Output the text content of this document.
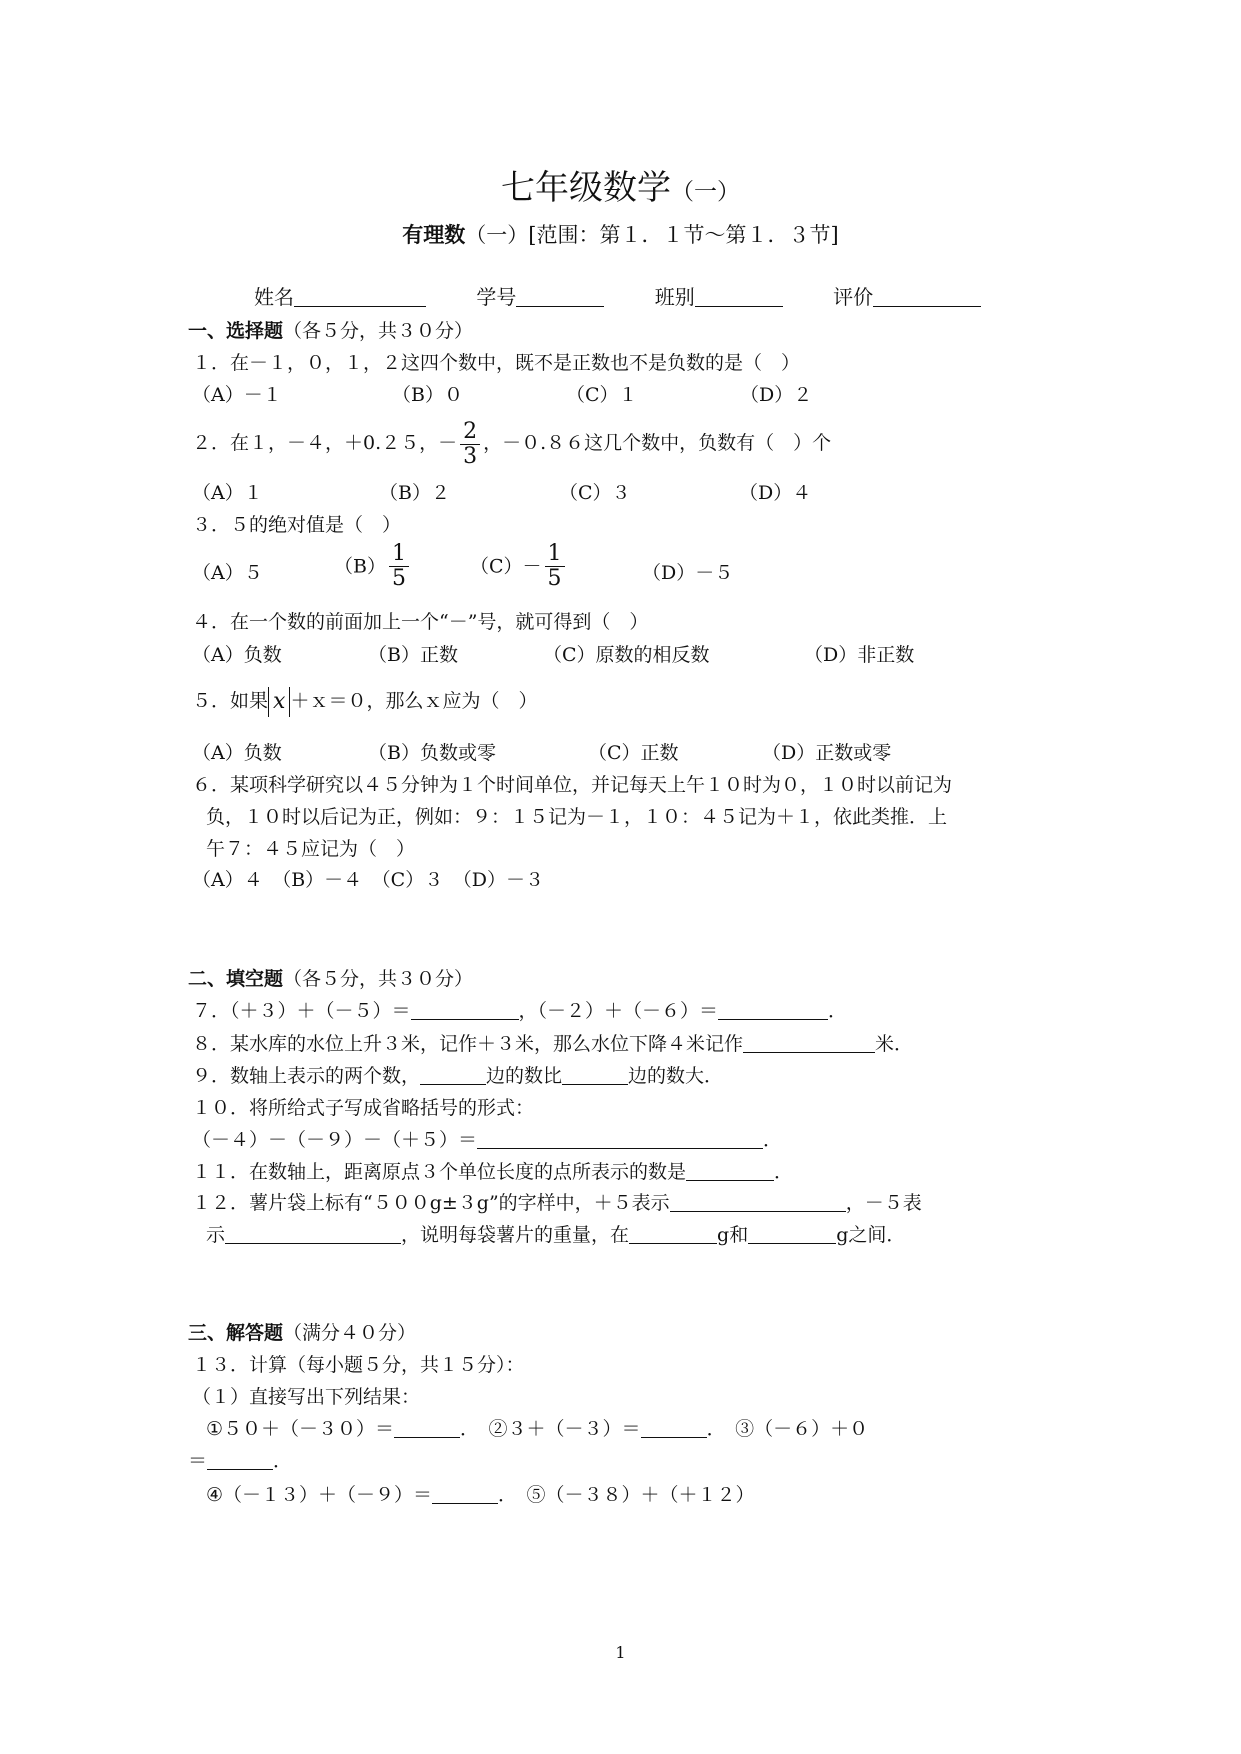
七年级数学（一）
有理数（一）[范围：第１．１节～第１．３节]
姓名	学号	班别	评价
一、选择题（各５分，共３０分）
１．在－１，０，１，２这四个数中，既不是正数也不是负数的是（　）
（A）－１	（B）０	（C）１	（D）２
２．在１，－４，＋0.２５，－ $\frac{2}{3}$ ，－０.８６这几个数中，负数有（　）个
（A）１	（B）２	（C）３	（D）４
３．５的绝对值是（　）
（A）５	$(B) \frac{1}{5}$	$(C)- \frac{1}{5}$	（D）－５
４．在一个数的前面加上一个“－”号，就可得到（　）
（A）负数	（B）正数	（C）原数的相反数	（D）非正数
５．如果 x ＋ｘ＝０，那么ｘ应为（　）
（A）负数	（B）负数或零	（C）正数	（D）正数或零
６．某项科学研究以４５分钟为１个时间单位，并记每天上午１０时为０，１０时以前记为
负，１０时以后记为正，例如：９：１５记为－１，１０：４５记为＋１，依此类推．上
午７：４５应记为（　）
（A）４　（B）－４　（C）３　（D）－３
二、填空题（各５分，共３０分）
７．（＋３）＋（－５）＝	，（－２）＋（－６）＝	．
８．某水库的水位上升３米，记作＋３米，那么水位下降４米记作	米．
９．数轴上表示的两个数，	边的数比	边的数大．
１０．将所给式子写成省略括号的形式：
（－４）－（－９）－（＋５）＝	．
１１．在数轴上，距离原点３个单位长度的点所表示的数是	．
１２．薯片袋上标有“５００g±３g”的字样中，＋５表示	，－５表
示	，说明每袋薯片的重量，在	g和	g之间．
三、解答题（满分４０分）
１３．计算（每小题５分，共１５分）：
（１）直接写出下列结果：
①５０＋（－３０）＝	．　②３＋（－３）＝	．　③（－６）＋０
＝	．
④（－１３）＋（－９）＝	．　⑤（－３８）＋（＋１２）
1
